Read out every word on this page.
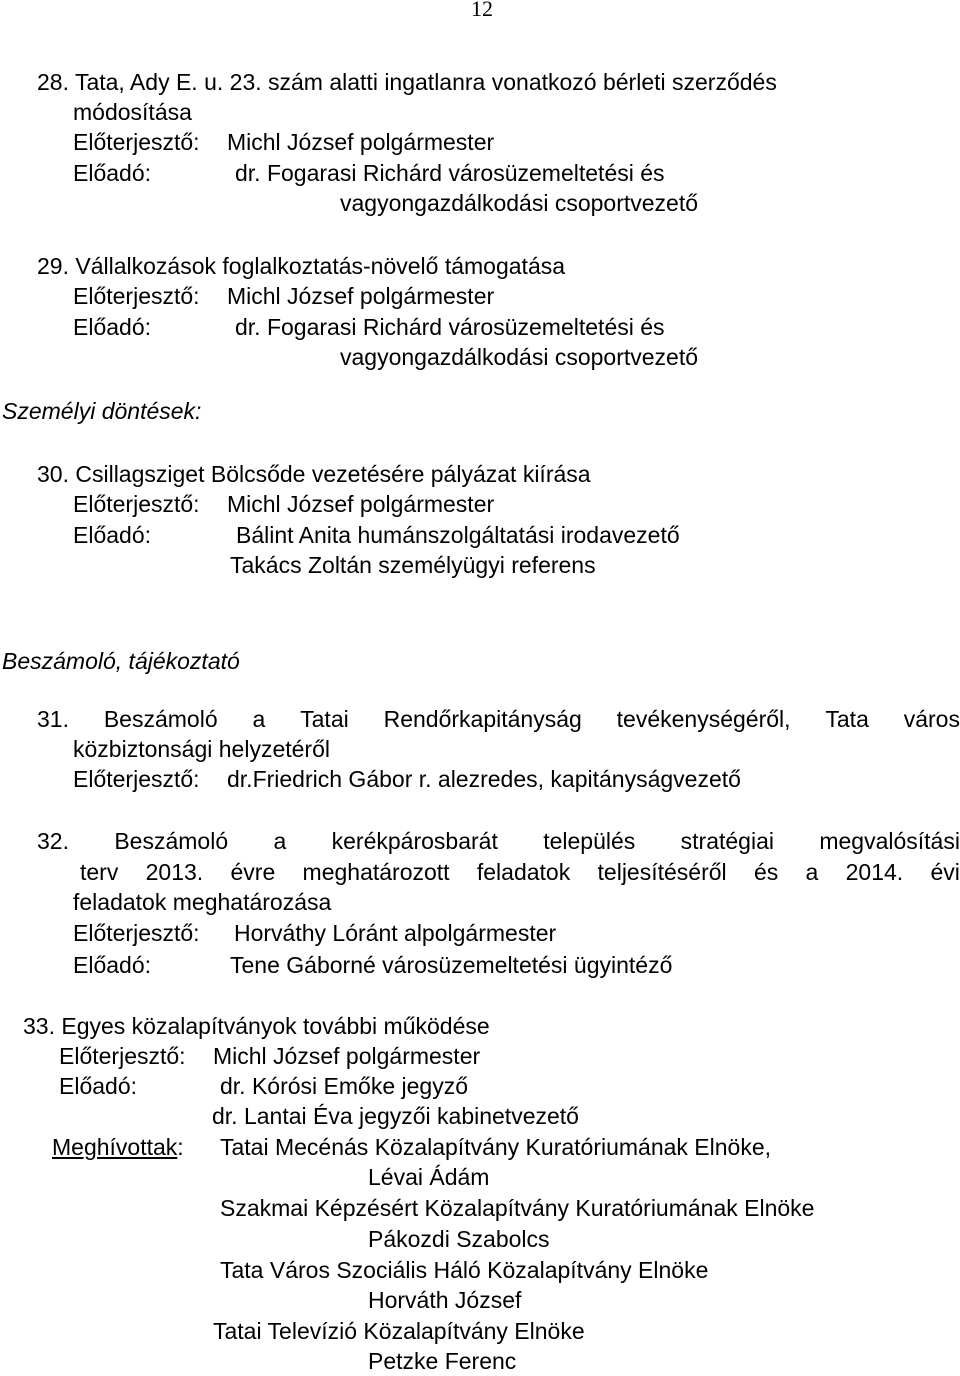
12
28. Tata, Ady E. u. 23. szám alatti ingatlanra vonatkozó bérleti szerződés
módosítása
Előterjesztő: Michl József polgármester
Előadó:	dr. Fogarasi Richárd városüzemeltetési és
vagyongazdálkodási csoportvezető
29. Vállalkozások foglalkoztatás-növelő támogatása
Előterjesztő: Michl József polgármester
Előadó:	dr. Fogarasi Richárd városüzemeltetési és
vagyongazdálkodási csoportvezető
Személyi döntések:
30. Csillagsziget Bölcsőde vezetésére pályázat kiírása
Előterjesztő: Michl József polgármester
Előadó:	Bálint Anita humánszolgáltatási irodavezető
Takács Zoltán személyügyi referens
Beszámoló, tájékoztató
31. Beszámoló a Tatai Rendőrkapitányság tevékenységéről, Tata város
közbiztonsági helyzetéről
Előterjesztő: dr.Friedrich Gábor r. alezredes, kapitányságvezető
32. Beszámoló a kerékpárosbarát település stratégiai megvalósítási
terv 2013. évre meghatározott feladatok teljesítéséről és a 2014. évi
feladatok meghatározása
Előterjesztő: Horváthy Lóránt alpolgármester
Előadó:	Tene Gáborné városüzemeltetési ügyintéző
33. Egyes közalapítványok további működése
Előterjesztő: Michl József polgármester
Előadó:	dr. Kórósi Emőke jegyző
dr. Lantai Éva jegyzői kabinetvezető
Meghívottak: Tatai Mecénás Közalapítvány Kuratóriumának Elnöke,
Lévai Ádám
Szakmai Képzésért Közalapítvány Kuratóriumának Elnöke
Pákozdi Szabolcs
Tata Város Szociális Háló Közalapítvány Elnöke
Horváth József
Tatai Televízió Közalapítvány Elnöke
Petzke Ferenc
